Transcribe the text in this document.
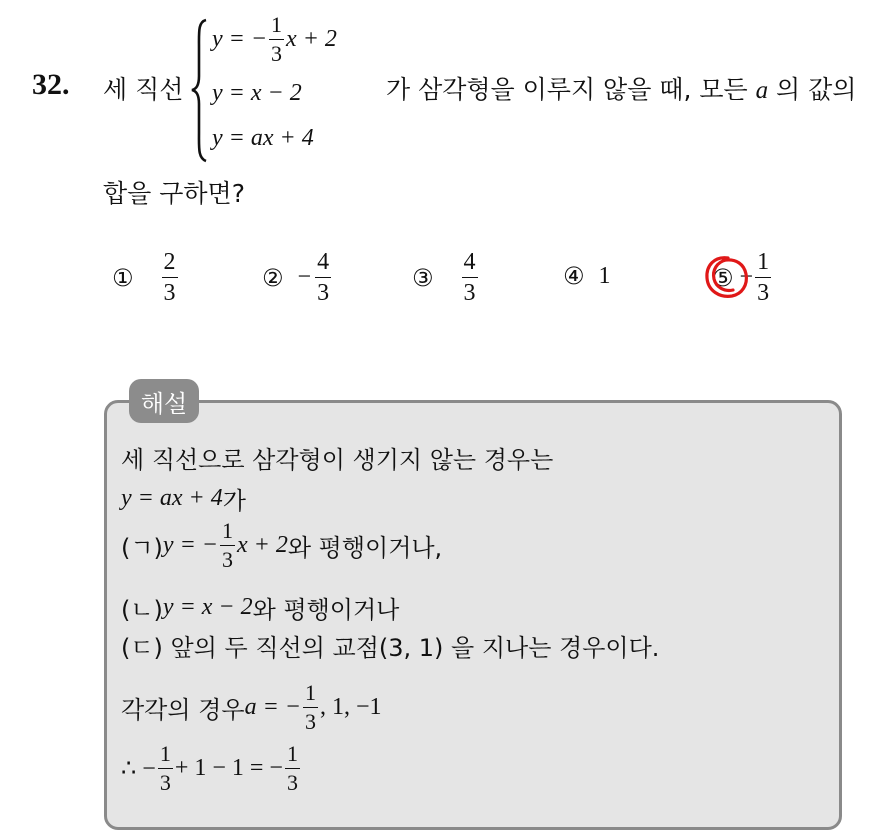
32. 세 직선
y = − $\frac{1}{3}$ x + 2
y = x − 2
y = ax + 4
가 삼각형을 이루지 않을 때, 모든 a 의 값의
합을 구하면?
① $\frac{2}{3}$	② − $\frac{4}{3}$	③ $\frac{4}{3}$	④ 1	⑤ − $\frac{1}{3}$
해설
세 직선으로 삼각형이 생기지 않는 경우는
y = ax + 4 가
(ㄱ) y = − $\frac{1}{3}$ x + 2 와 평행이거나,
(ㄴ) y = x − 2 와 평행이거나
(ㄷ) 앞의 두 직선의 교점(3, 1) 을 지나는 경우이다.
각각의 경우 a = − $\frac{1}{3}$ , 1, −1
∴ − $\frac{1}{3} + 1 - 1$ = − $\frac{1}{3}$
